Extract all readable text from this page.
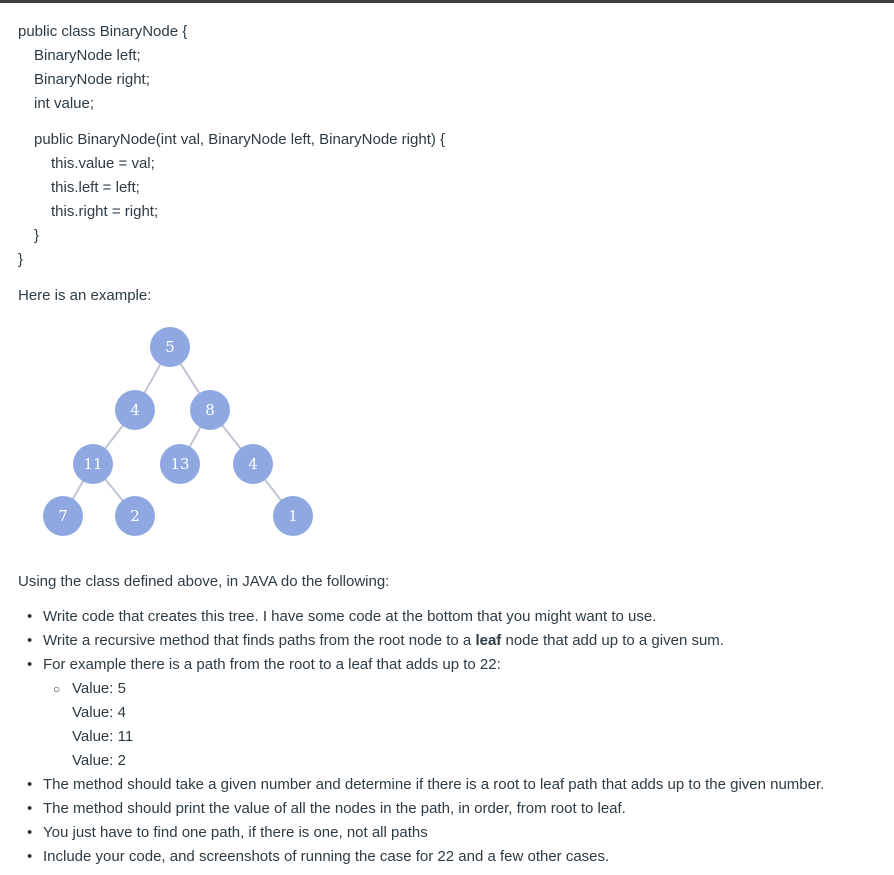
public class BinaryNode {
BinaryNode left;
BinaryNode right;
int value;
public BinaryNode(int val, BinaryNode left, BinaryNode right) {
this.value = val;
this.left = left;
this.right = right;
}
}

Here is an example:

5
4	8
11	13	4
7	2	1

Using the class defined above, in JAVA do the following:

• Write code that creates this tree. I have some code at the bottom that you might want to use.
• Write a recursive method that finds paths from the root node to a leaf node that add up to a given sum.
• For example there is a path from the root to a leaf that adds up to 22:
○ Value: 5
Value: 4
Value: 11
Value: 2
• The method should take a given number and determine if there is a root to leaf path that adds up to the given number.
• The method should print the value of all the nodes in the path, in order, from root to leaf.
• You just have to find one path, if there is one, not all paths
• Include your code, and screenshots of running the case for 22 and a few other cases.
